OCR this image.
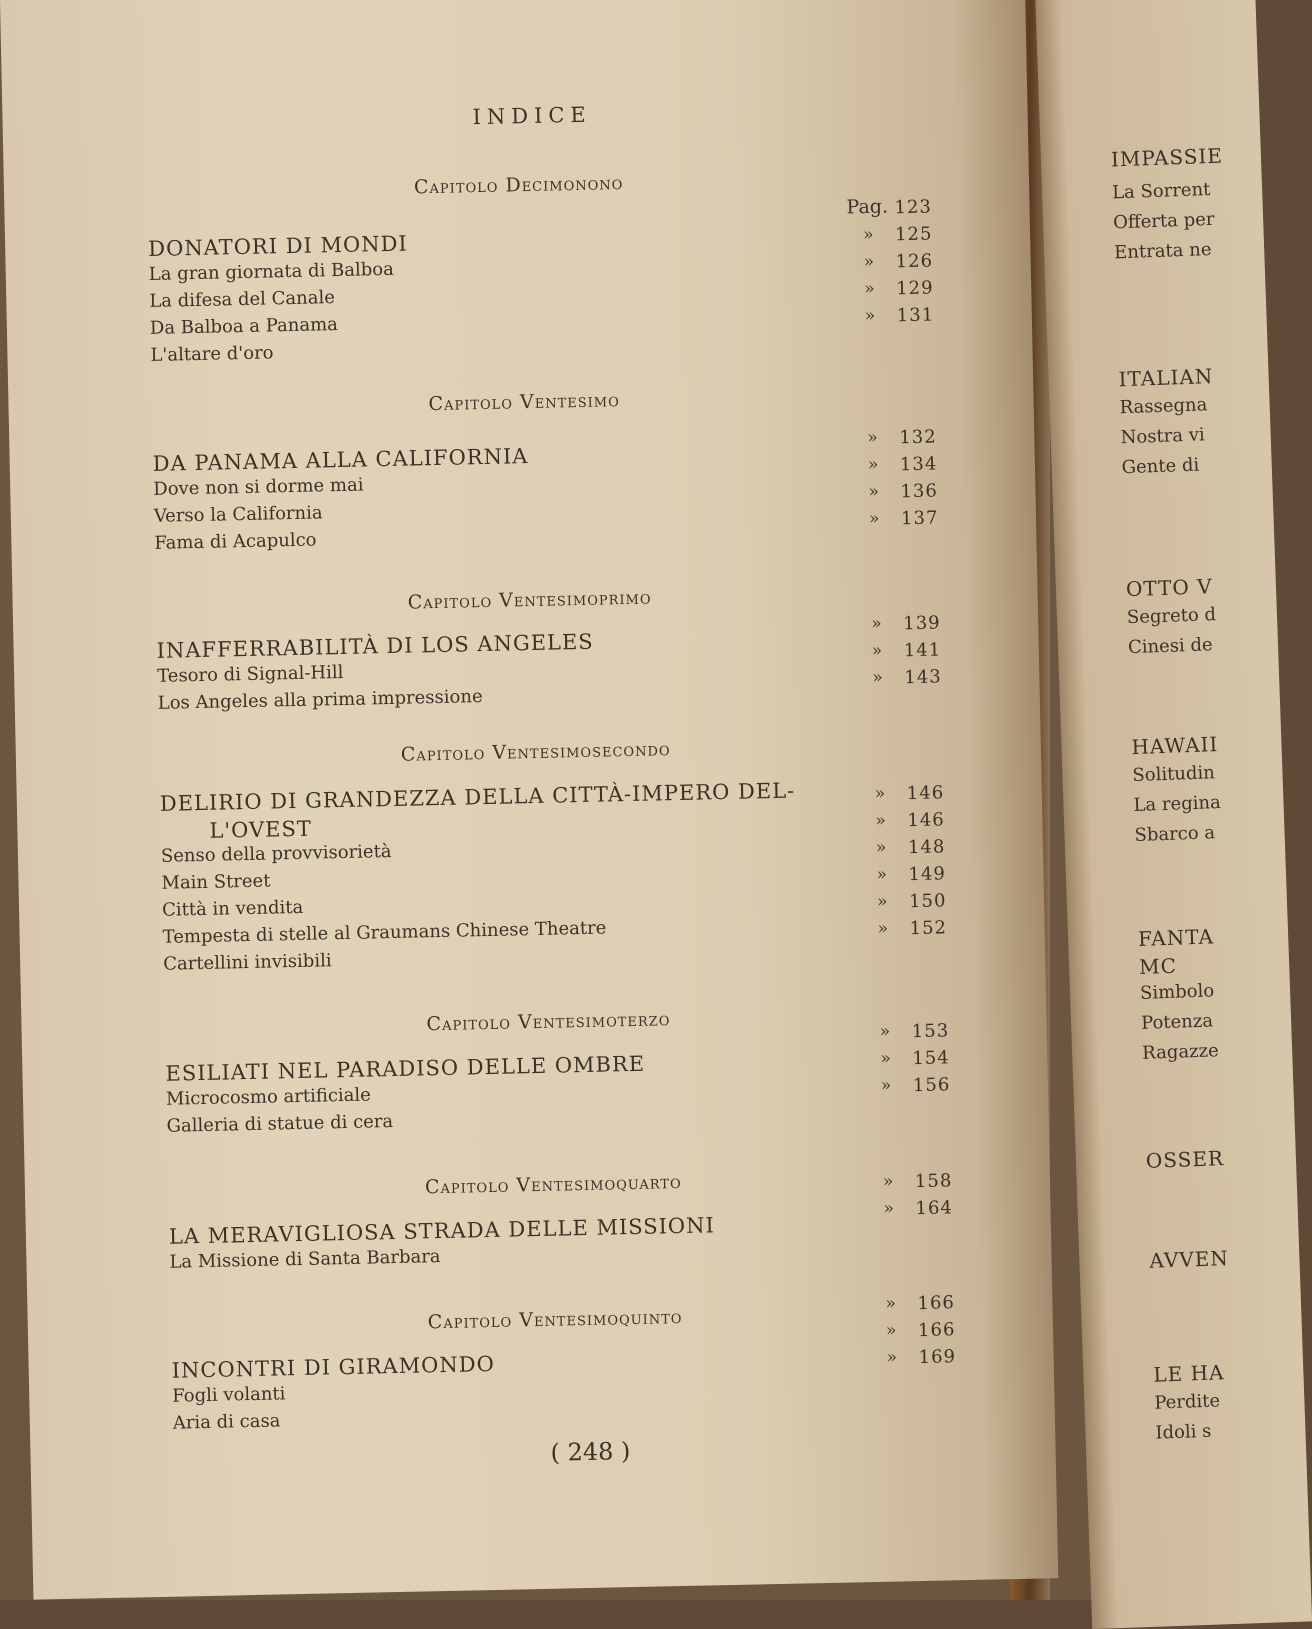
INDICE
Pag.
Capitolo Decimonono
DONATORI DI MONDI
123
La gran giornata di Balboa
125
»
La difesa del Canale
126
»
Da Balboa a Panama
129
»
L'altare d'oro
131
»
Capitolo Ventesimo
DA PANAMA ALLA CALIFORNIA
132
»
Dove non si dorme mai
134
»
Verso la California
136
»
Fama di Acapulco
137
»
Capitolo Ventesimoprimo
INAFFERRABILITÀ DI LOS ANGELES
139
»
Tesoro di Signal-Hill
141
»
Los Angeles alla prima impressione
143
»
Capitolo Ventesimosecondo
DELIRIO DI GRANDEZZA DELLA CITTÀ-IMPERO DEL-
L'OVEST
146
»
Senso della provvisorietà
146
»
Main Street
148
»
Città in vendita
149
»
Tempesta di stelle al Graumans Chinese Theatre
150
»
Cartellini invisibili
152
»
Capitolo Ventesimoterzo
ESILIATI NEL PARADISO DELLE OMBRE
153
»
Microcosmo artificiale
154
»
Galleria di statue di cera
156
»
Capitolo Ventesimoquarto
LA MERAVIGLIOSA STRADA DELLE MISSIONI
158
»
La Missione di Santa Barbara
164
»
Capitolo Ventesimoquinto
INCONTRI DI GIRAMONDO
166
»
Fogli volanti
166
»
Aria di casa
169
»
( 248 )
IMPASSIE
La Sorrent
Offerta per
Entrata ne
ITALIAN
Rassegna
Nostra vi
Gente di
OTTO V
Segreto d
Cinesi de
HAWAII
Solitudin
La regina
Sbarco a
FANTA
MC
Simbolo
Potenza
Ragazze
OSSER
AVVEN
LE HA
Perdite
Idoli s
